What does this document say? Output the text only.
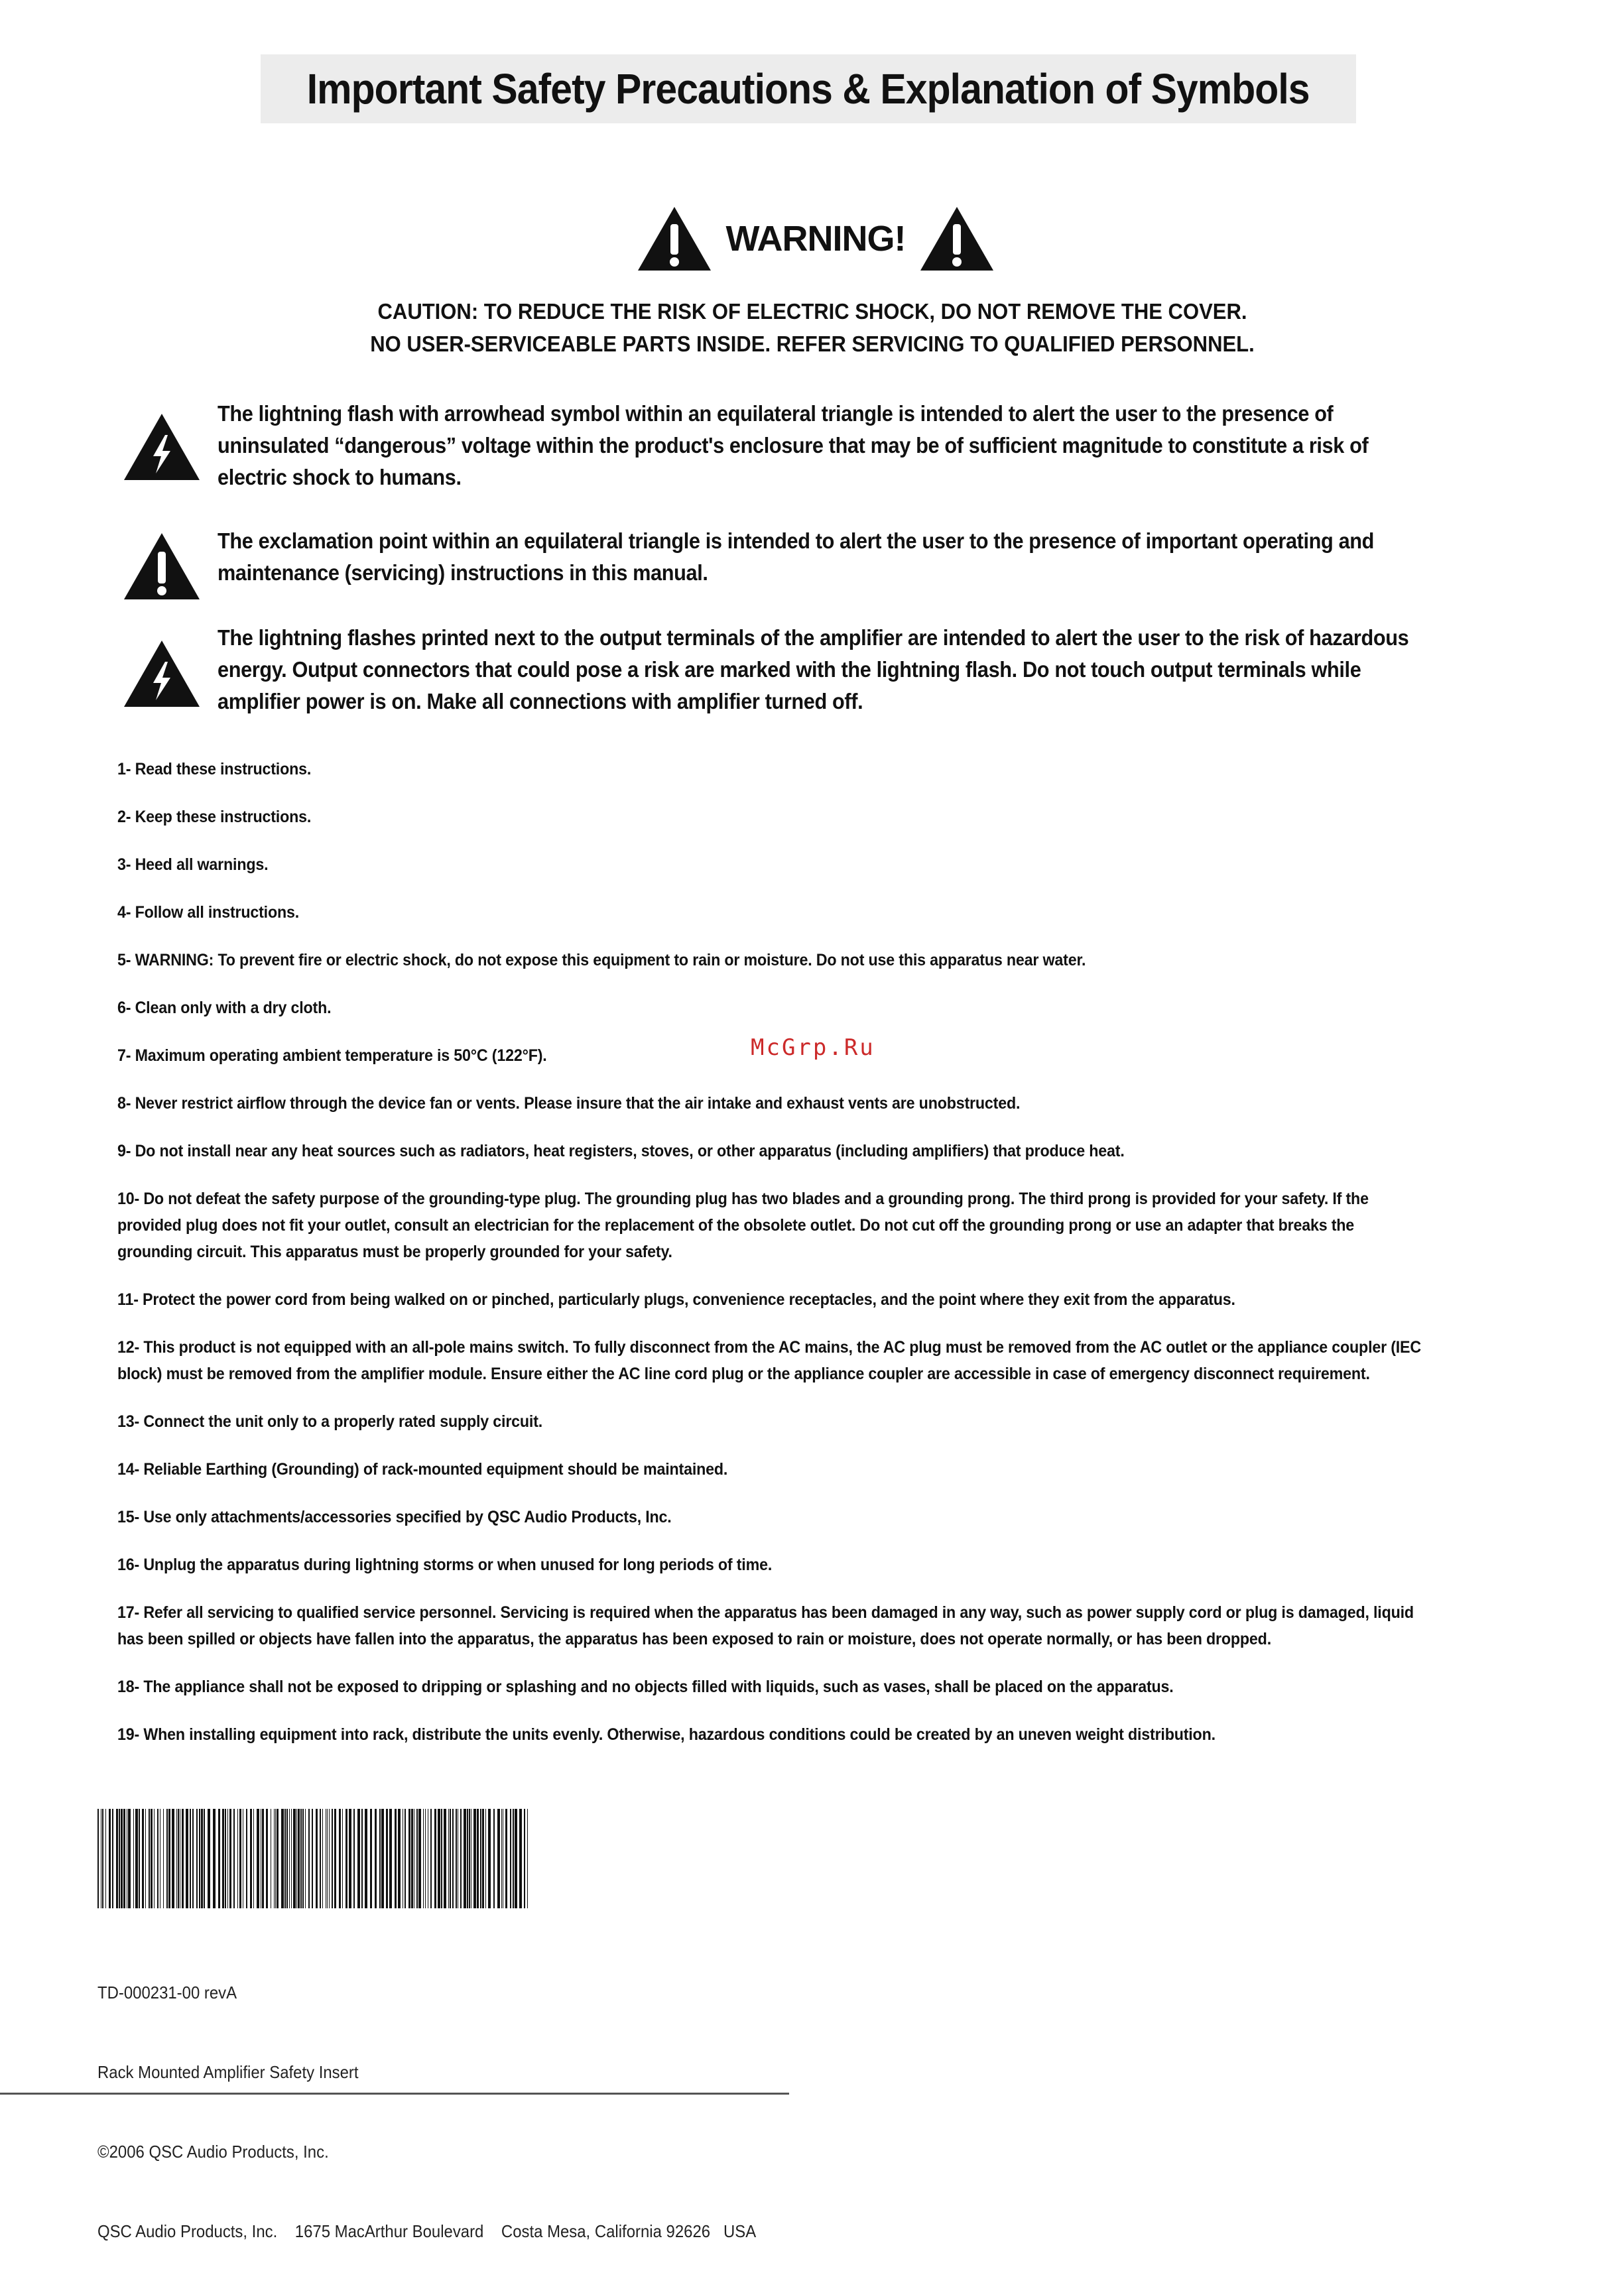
Important Safety Precautions & Explanation of Symbols
WARNING!
CAUTION: TO REDUCE THE RISK OF ELECTRIC SHOCK, DO NOT REMOVE THE COVER.
NO USER-SERVICEABLE PARTS INSIDE. REFER SERVICING TO QUALIFIED PERSONNEL.
The lightning flash with arrowhead symbol within an equilateral triangle is intended to alert the user to the presence of uninsulated “dangerous” voltage within the product's enclosure that may be of sufficient magnitude to constitute a risk of electric shock to humans.
The exclamation point within an equilateral triangle is intended to alert the user to the presence of important operating and maintenance (servicing) instructions in this manual.
The lightning flashes printed next to the output terminals of the amplifier are intended to alert the user to the risk of hazardous energy. Output connectors that could pose a risk are marked with the lightning flash. Do not touch output terminals while amplifier power is on. Make all connections with amplifier turned off.

1- Read these instructions.

2- Keep these instructions.

3- Heed all warnings.

4- Follow all instructions.

5- WARNING: To prevent fire or electric shock, do not expose this equipment to rain or moisture. Do not use this apparatus near water.

6- Clean only with a dry cloth.

7- Maximum operating ambient temperature is 50°C (122°F).

8- Never restrict airflow through the device fan or vents. Please insure that the air intake and exhaust vents are unobstructed.

9- Do not install near any heat sources such as radiators, heat registers, stoves, or other apparatus (including amplifiers) that produce heat.

10- Do not defeat the safety purpose of the grounding-type plug. The grounding plug has two blades and a grounding prong. The third prong is provided for your safety. If the provided plug does not fit your outlet, consult an electrician for the replacement of the obsolete outlet. Do not cut off the grounding prong or use an adapter that breaks the grounding circuit. This apparatus must be properly grounded for your safety.

11- Protect the power cord from being walked on or pinched, particularly plugs, convenience receptacles, and the point where they exit from the apparatus.

12- This product is not equipped with an all-pole mains switch. To fully disconnect from the AC mains, the AC plug must be removed from the AC outlet or the appliance coupler (IEC block) must be removed from the amplifier module. Ensure either the AC line cord plug or the appliance coupler are accessible in case of emergency disconnect requirement.

13- Connect the unit only to a properly rated supply circuit.

14- Reliable Earthing (Grounding) of rack-mounted equipment should be maintained.

15- Use only attachments/accessories specified by QSC Audio Products, Inc.

16- Unplug the apparatus during lightning storms or when unused for long periods of time.

17- Refer all servicing to qualified service personnel. Servicing is required when the apparatus has been damaged in any way, such as power supply cord or plug is damaged, liquid has been spilled or objects have fallen into the apparatus, the apparatus has been exposed to rain or moisture, does not operate normally, or has been dropped.

18- The appliance shall not be exposed to dripping or splashing and no objects filled with liquids, such as vases, shall be placed on the apparatus.

19- When installing equipment into rack, distribute the units evenly. Otherwise, hazardous conditions could be created by an uneven weight distribution.

McGrp.Ru

TD-000231-00 revA

Rack Mounted Amplifier Safety Insert

©2006 QSC Audio Products, Inc.

QSC Audio Products, Inc.    1675 MacArthur Boulevard    Costa Mesa, California 92626   USA
